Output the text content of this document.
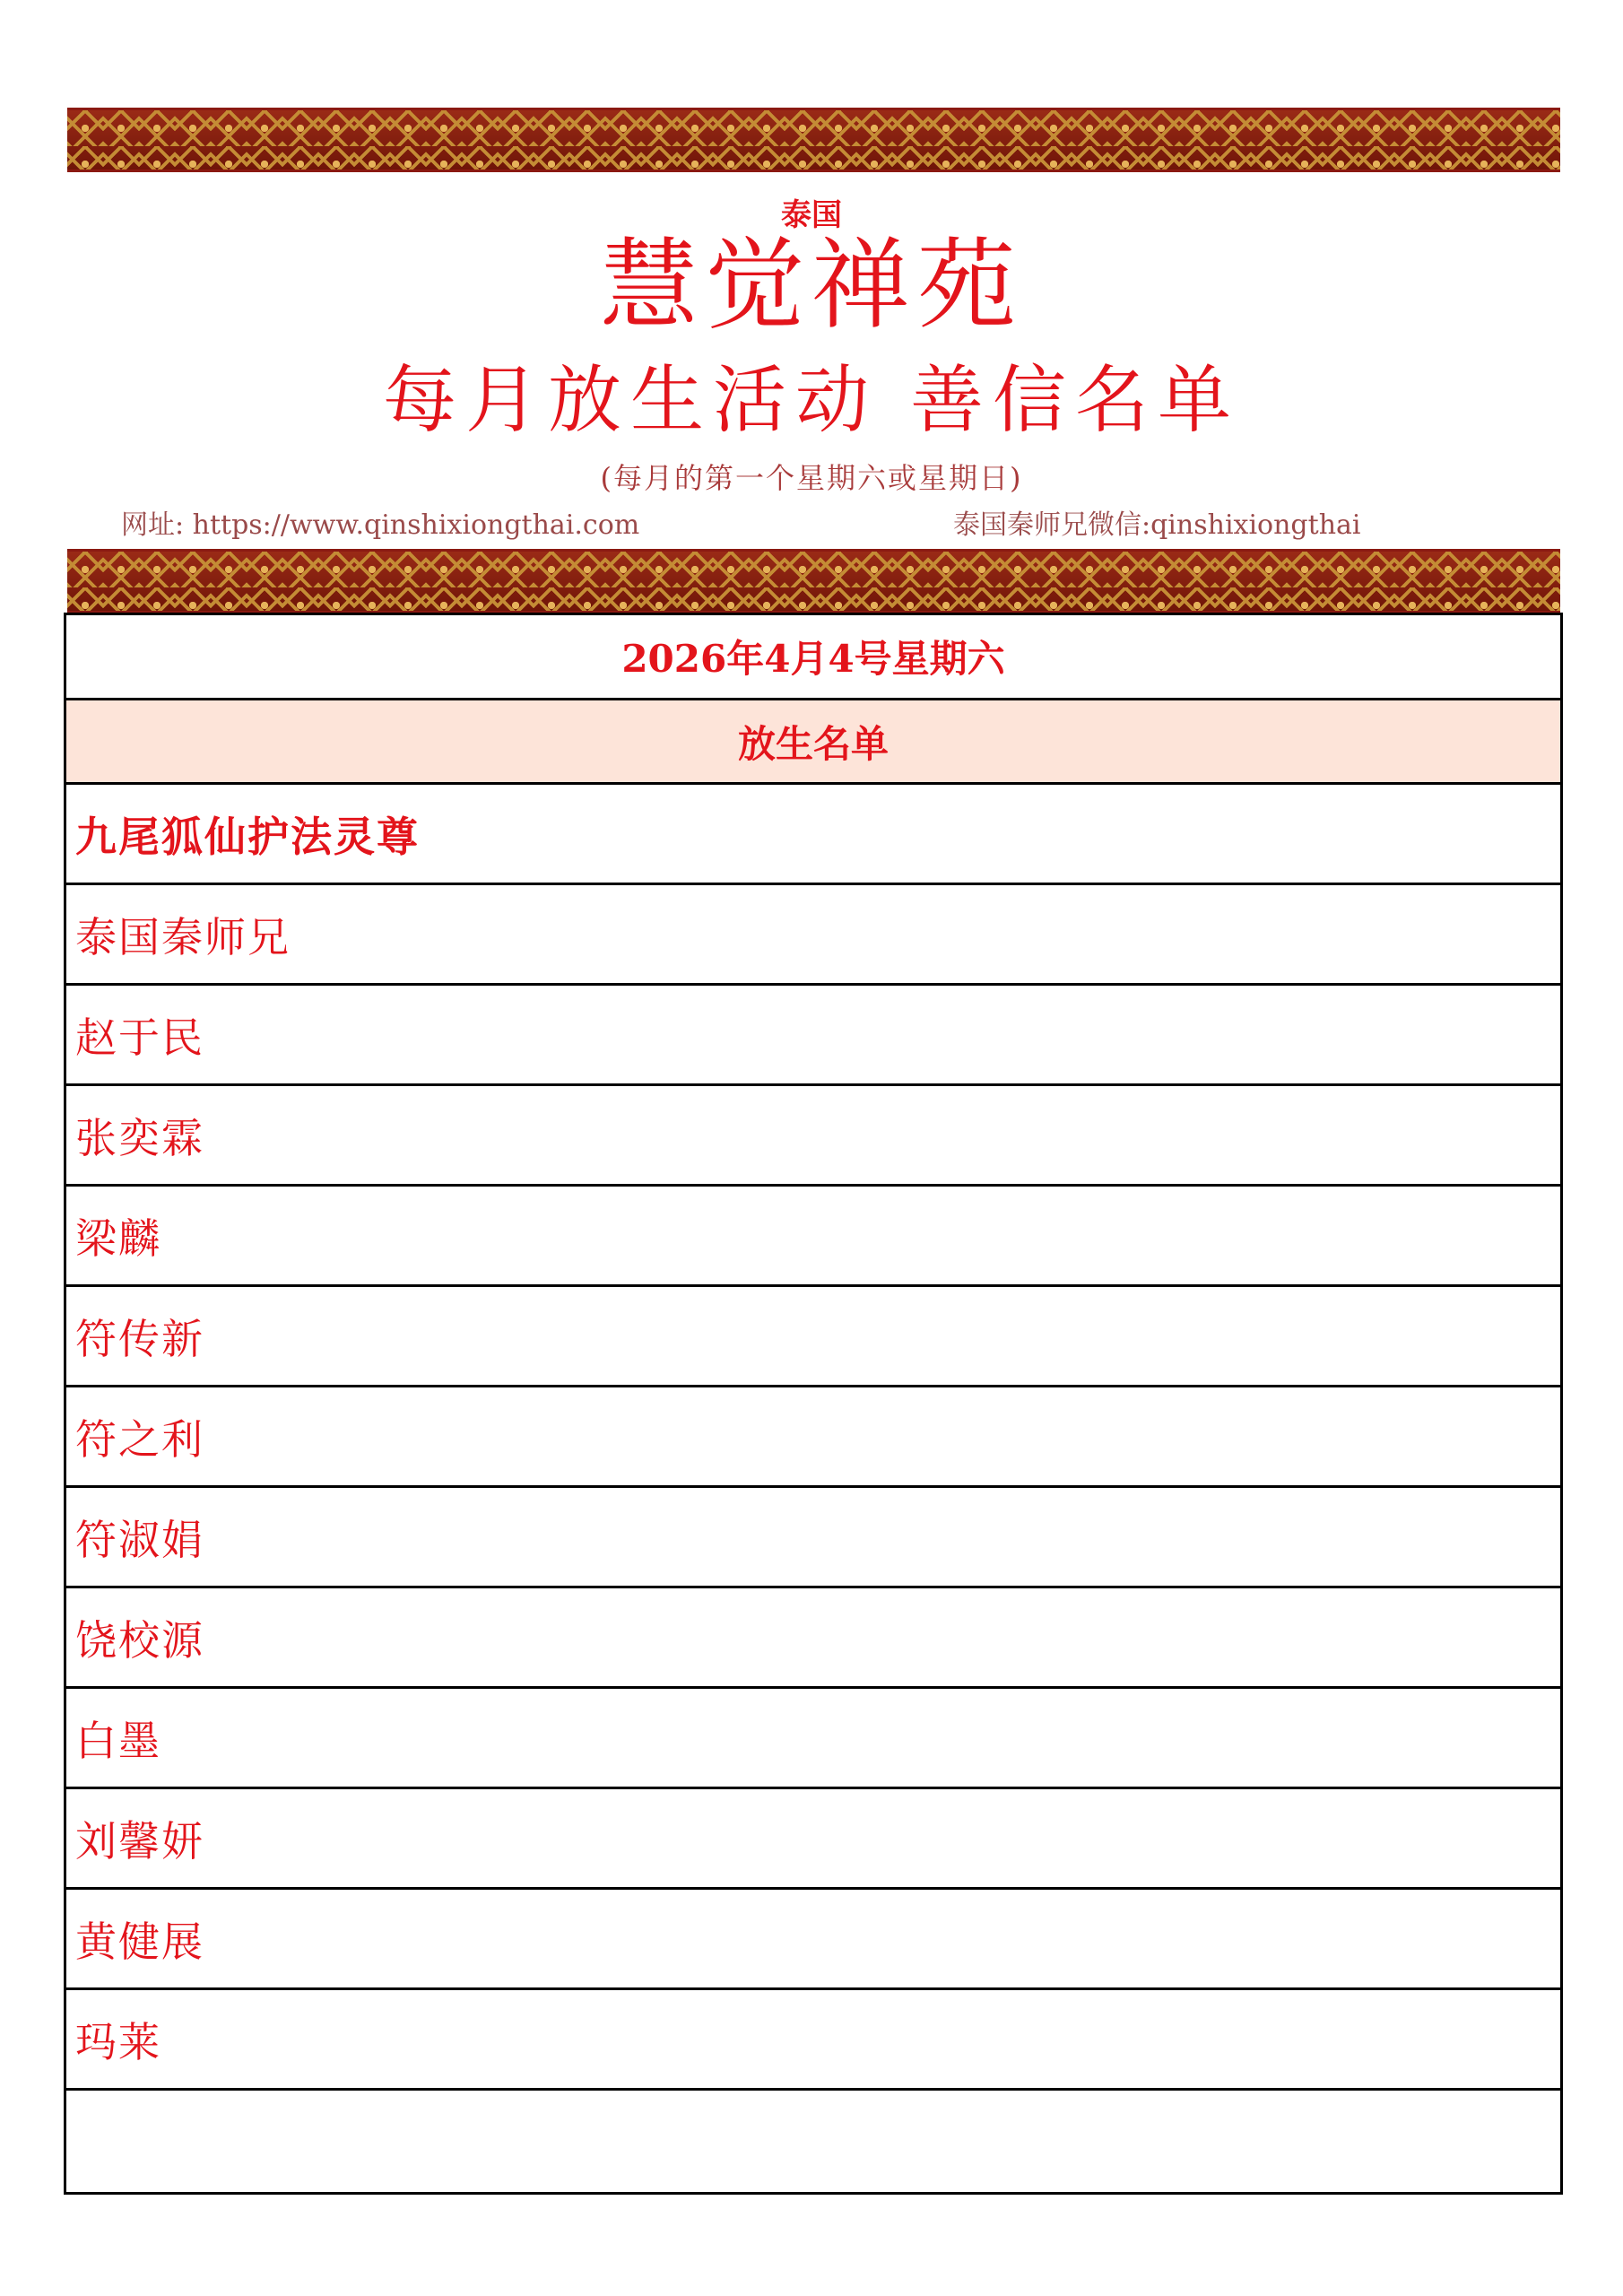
泰国
慧觉禅苑
每月放生活动 善信名单
(每月的第一个星期六或星期日)
网址: https://www.qinshixiongthai.com	泰国秦师兄微信:qinshixiongthai
2026年4月4号星期六
放生名单
九尾狐仙护法灵尊
泰国秦师兄
赵于民
张奕霖
梁麟
符传新
符之利
符淑娟
饶校源
白墨
刘馨妍
黄健展
玛莱
